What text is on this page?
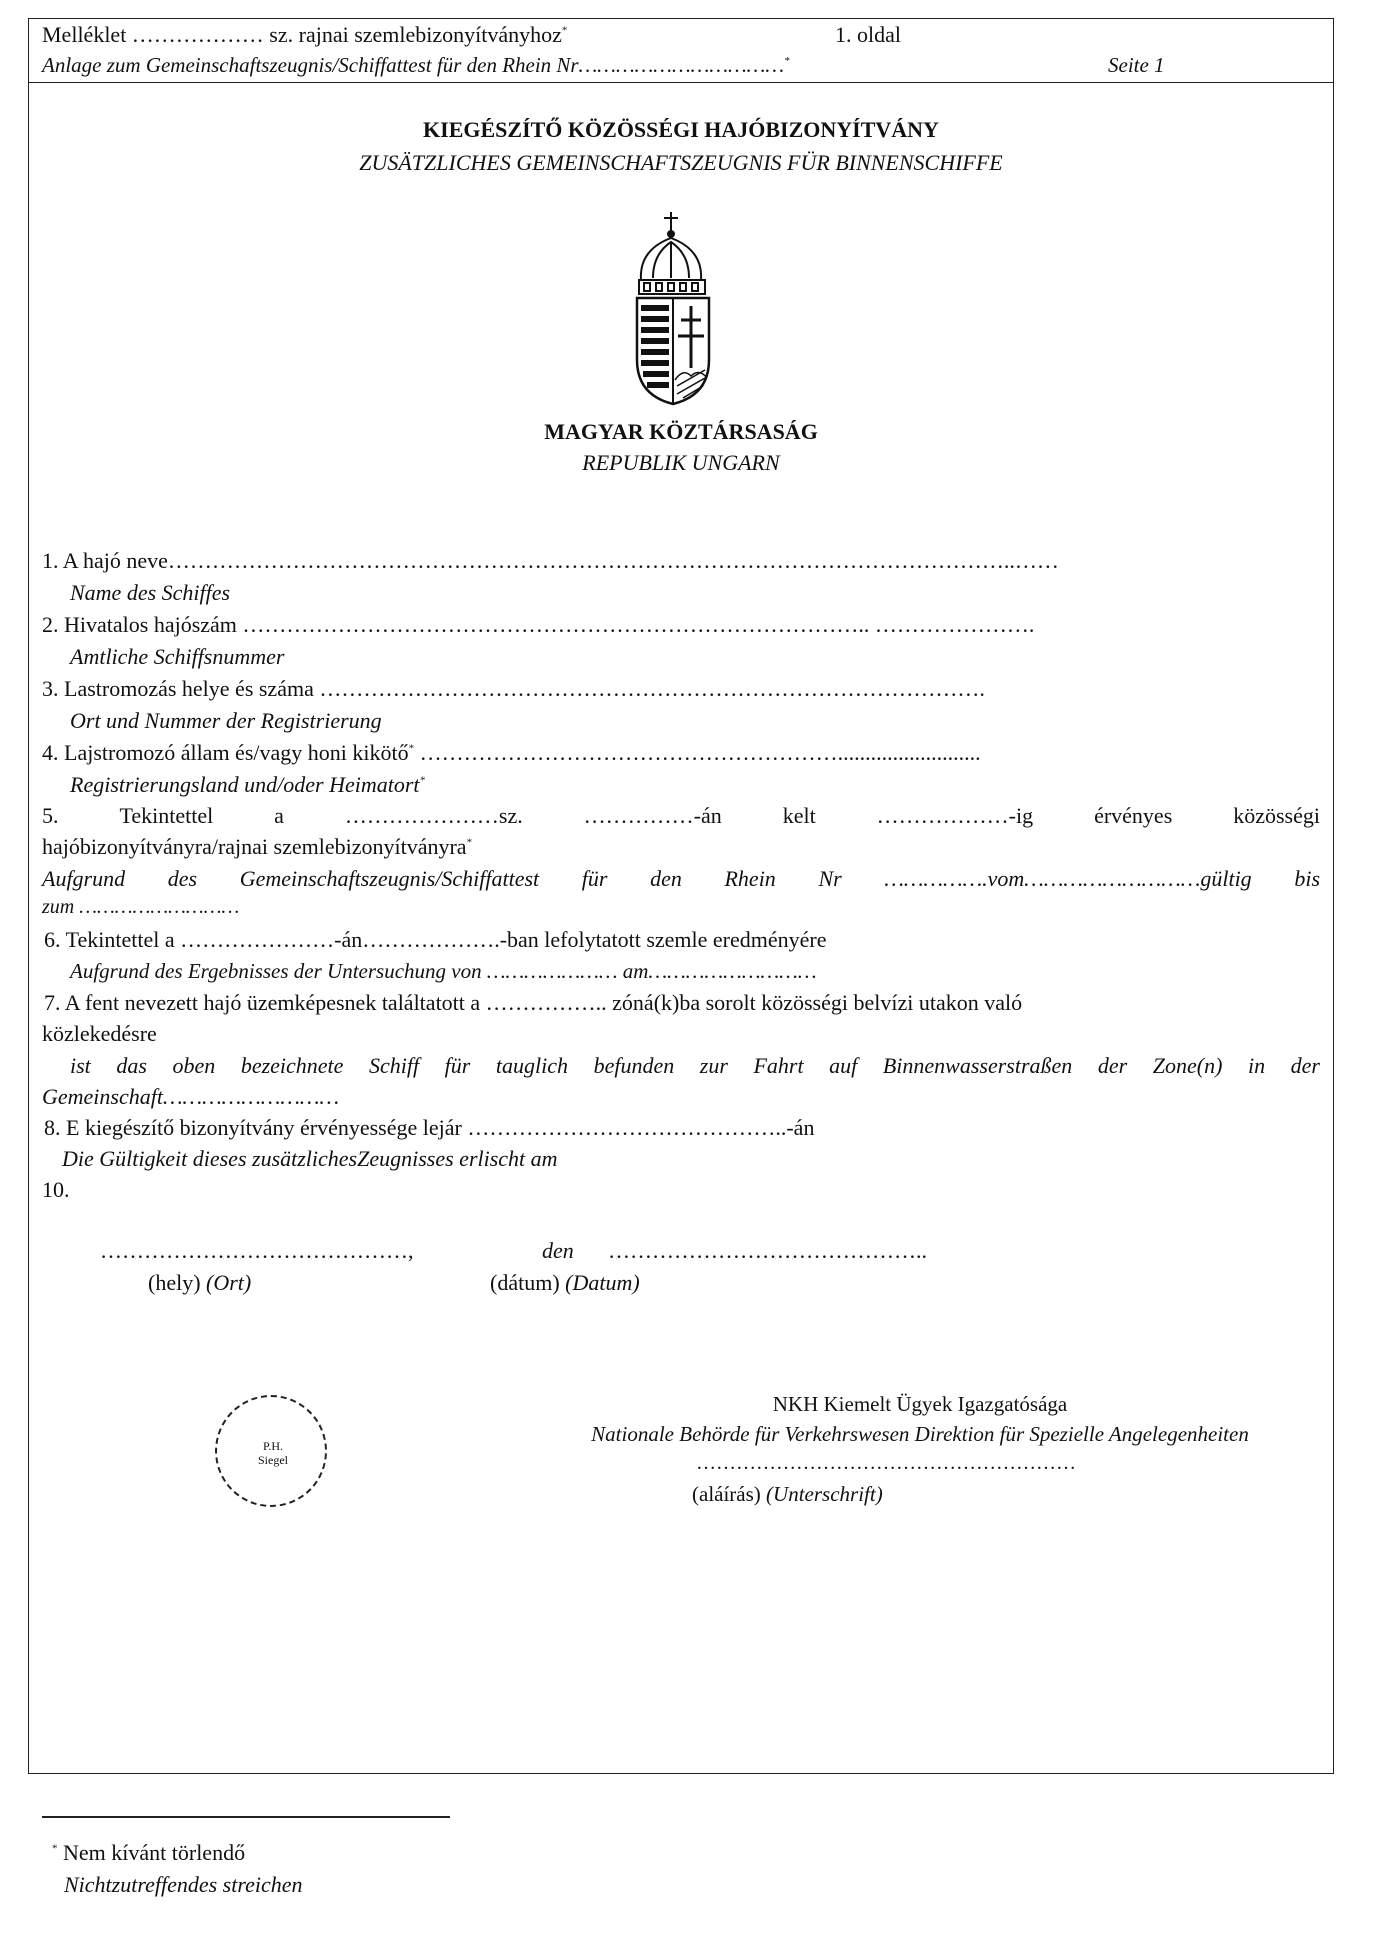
Melléklet ……………… sz. rajnai szemlebizonyítványhoz*	1. oldal
Anlage zum Gemeinschaftszeugnis/Schiffattest für den Rhein Nr……………………………*	Seite 1
KIEGÉSZÍTŐ KÖZÖSSÉGI HAJÓBIZONYÍTVÁNY
ZUSÄTZLICHES GEMEINSCHAFTSZEUGNIS FÜR BINNENSCHIFFE
MAGYAR KÖZTÁRSASÁG
REPUBLIK UNGARN
1. A hajó neve……………………………………………………………………………………………………..……
Name des Schiffes
2. Hivatalos hajószám ………………………………………………………………………….. ………………….
Amtliche Schiffsnummer
3. Lastromozás helye és száma ……………………………………………………………………………….
Ort und Nummer der Registrierung
4. Lajstromozó állam és/vagy honi kikötő* …………………………………………………..........................
Registrierungsland und/oder Heimatort*
5.	Tekintettel	a	…………………sz.	……………-án	kelt	………………-ig	érvényes	közösségi
hajóbizonyítványra/rajnai szemlebizonyítványra*
Aufgrund des Gemeinschaftszeugnis/Schiffattest für den Rhein Nr …………….vom………………………gültig bis
zum ………………………
6. Tekintettel a …………………-án……………….-ban lefolytatott szemle eredményére
Aufgrund des Ergebnisses der Untersuchung von ………………… am………………………
7. A fent nevezett hajó üzemképesnek találtatott a …………….. zóná(k)ba sorolt közösségi belvízi utakon való
közlekedésre
ist das oben bezeichnete Schiff für tauglich befunden zur Fahrt auf Binnenwasserstraßen der Zone(n) in der
Gemeinschaft………………………
8. E kiegészítő bizonyítvány érvényessége lejár ……………………………………..-án
Die Gültigkeit dieses zusätzlichesZeugnisses erlischt am
10.
……………………………………,	den ……………………………………..
(hely) (Ort)	(dátum) (Datum)
P.H.
Siegel
NKH Kiemelt Ügyek Igazgatósága
Nationale Behörde für Verkehrswesen Direktion für Spezielle Angelegenheiten
…………………………………………………
(aláírás) (Unterschrift)
* Nem kívánt törlendő
Nichtzutreffendes streichen
